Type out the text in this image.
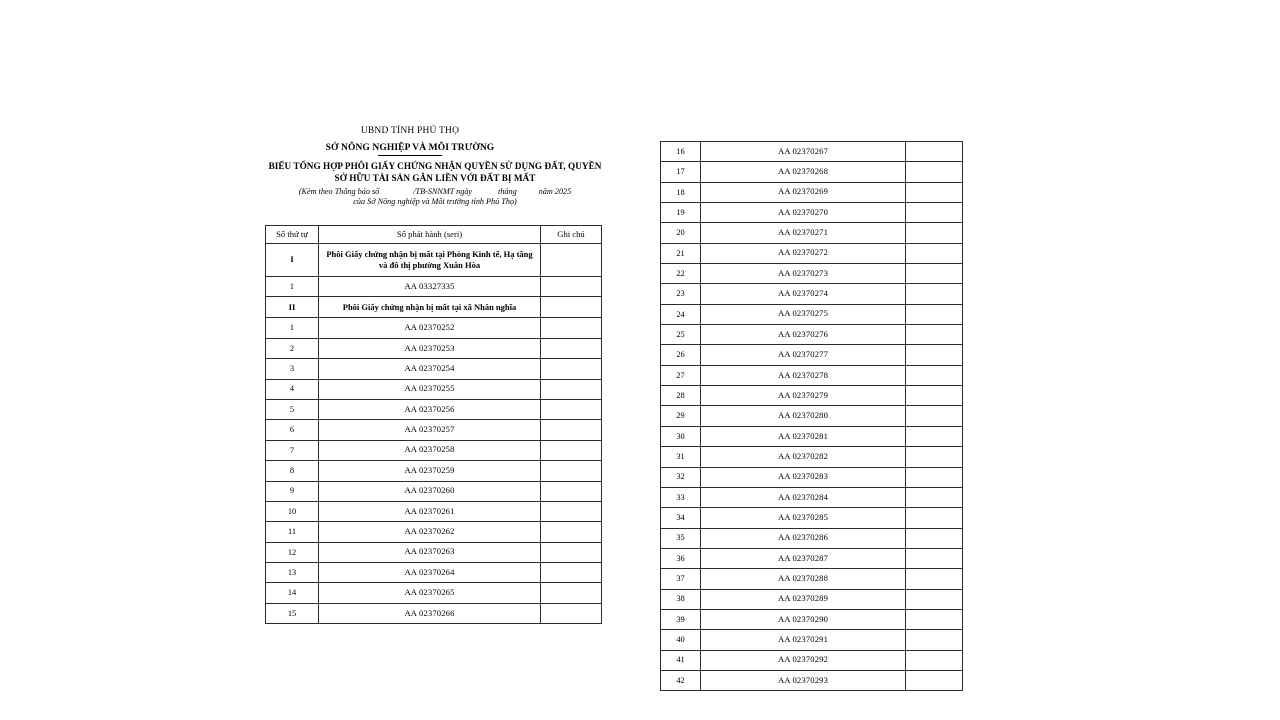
UBND TỈNH PHÚ THỌ
SỞ NÔNG NGHIỆP VÀ MÔI TRƯỜNG
BIỂU TỔNG HỢP PHÔI GIẤY CHỨNG NHẬN QUYỀN SỬ DỤNG ĐẤT, QUYỀN
SỞ HỮU TÀI SẢN GẮN LIỀN VỚI ĐẤT BỊ MẤT
(Kèm theo Thông báo số	/TB-SNNMT ngày	tháng	năm 2025
của Sở Nông nghiệp và Môi trường tỉnh Phú Thọ)
Số thứ tự	Số phát hành (seri)	Ghi chú
I	Phôi Giấy chứng nhận bị mất tại Phòng Kinh tế, Hạ tầng và đô thị phường Xuân Hòa	
1	AA 03327335	
II	Phôi Giấy chứng nhận bị mất tại xã Nhân nghĩa	
1	AA 02370252	
2	AA 02370253	
3	AA 02370254	
4	AA 02370255	
5	AA 02370256	
6	AA 02370257	
7	AA 02370258	
8	AA 02370259	
9	AA 02370260	
10	AA 02370261	
11	AA 02370262	
12	AA 02370263	
13	AA 02370264	
14	AA 02370265	
15	AA 02370266	
16	AA 02370267	
17	AA 02370268	
18	AA 02370269	
19	AA 02370270	
20	AA 02370271	
21	AA 02370272	
22	AA 02370273	
23	AA 02370274	
24	AA 02370275	
25	AA 02370276	
26	AA 02370277	
27	AA 02370278	
28	AA 02370279	
29	AA 02370280	
30	AA 02370281	
31	AA 02370282	
32	AA 02370283	
33	AA 02370284	
34	AA 02370285	
35	AA 02370286	
36	AA 02370287	
37	AA 02370288	
38	AA 02370289	
39	AA 02370290	
40	AA 02370291	
41	AA 02370292	
42	AA 02370293	
